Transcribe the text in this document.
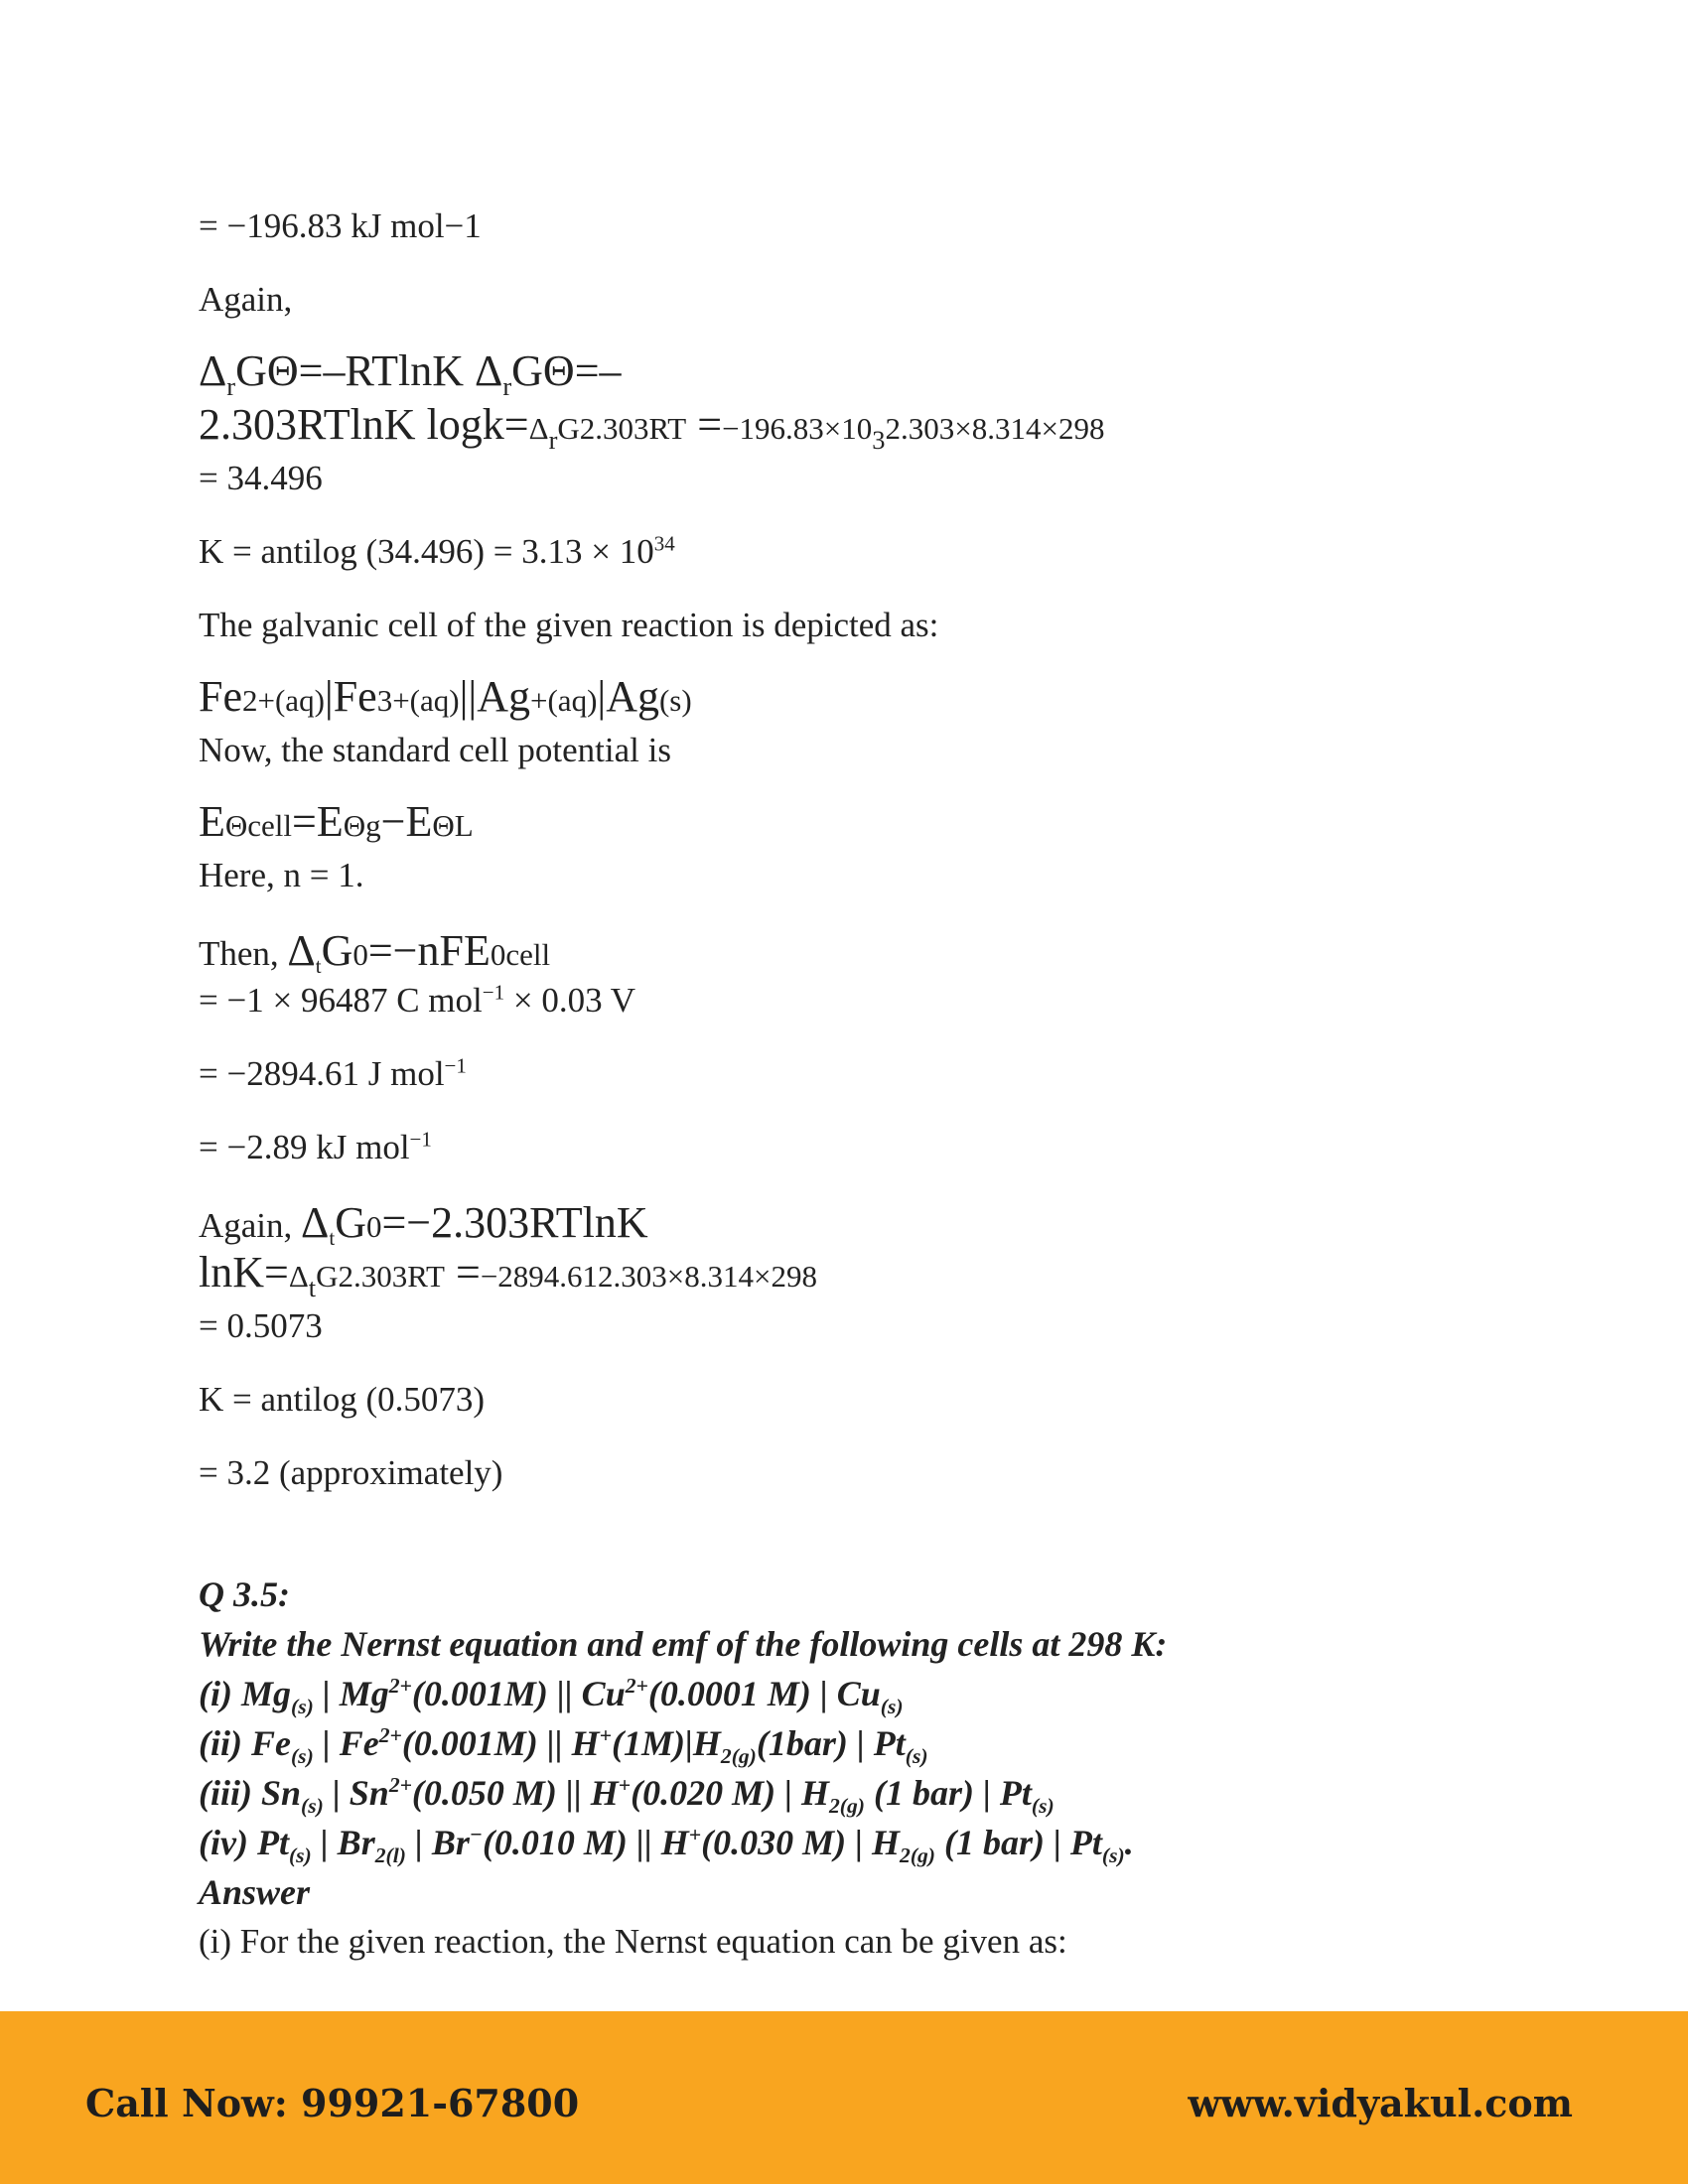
= −196.83 kJ mol−1
Again,
$\Delta_rG\Theta=$–RTlnK $\Delta_rG\Theta=-$
2.303RTlnK $\log k=\Delta_rG2.303RT =-196.83\times 10_32.303\times 8.314\times 298$
= 34.496
K = antilog $(34.496) = 3.13 \times 10^{34}$
The galvanic cell of the given reaction is depicted as:
Fe2+(aq)|Fe3+(aq)||Ag+(aq)|Ag(s)
Now, the standard cell potential is
EΘcell=EΘg−EΘL
Here, n = 1.
Then, $\Delta_tG0=-nFE0cell$
= −1 × 96487 C mol$^{-1}$ × 0.03 V
= −2894.61 J mol$^{-1}$
= −2.89 kJ mol$^{-1}$
Again, $\Delta_tG0=-2.303RTlnK$
$\ln K=\Delta_tG2.303RT =-2894.612.303\times 8.314\times 298$
= 0.5073
K = antilog (0.5073)
= 3.2 (approximately)
Q 3.5:
Write the Nernst equation and emf of the following cells at 298 K:
(i) $Mg_{(s)}$ | $Mg^{2+}(0.001M)$ || $Cu^{2+}(0.0001$ M) | $Cu_{(s)}$
(ii) $Fe_{(s)}$ | $Fe^{2+}(0.001M)$ || $H^+(1M)|H_{2(g)}(1bar)$ | $Pt_{(s)}$
(iii) $Sn_{(s)}$ | $Sn^{2+}(0.050$ M) || H+(0.020 M) | $H_{2(g)}$ (1 bar) | $Pt_{(s)}$
(iv) $Pt_{(s)}$ | $Br_{2(l)}$ | Br−(0.010 M) || H+(0.030 M) | $H_{2(g)}$ (1 bar) | $Pt_{(s)}$.
Answer
(i) For the given reaction, the Nernst equation can be given as:
Call Now: 99921-67800	www.vidyakul.com
